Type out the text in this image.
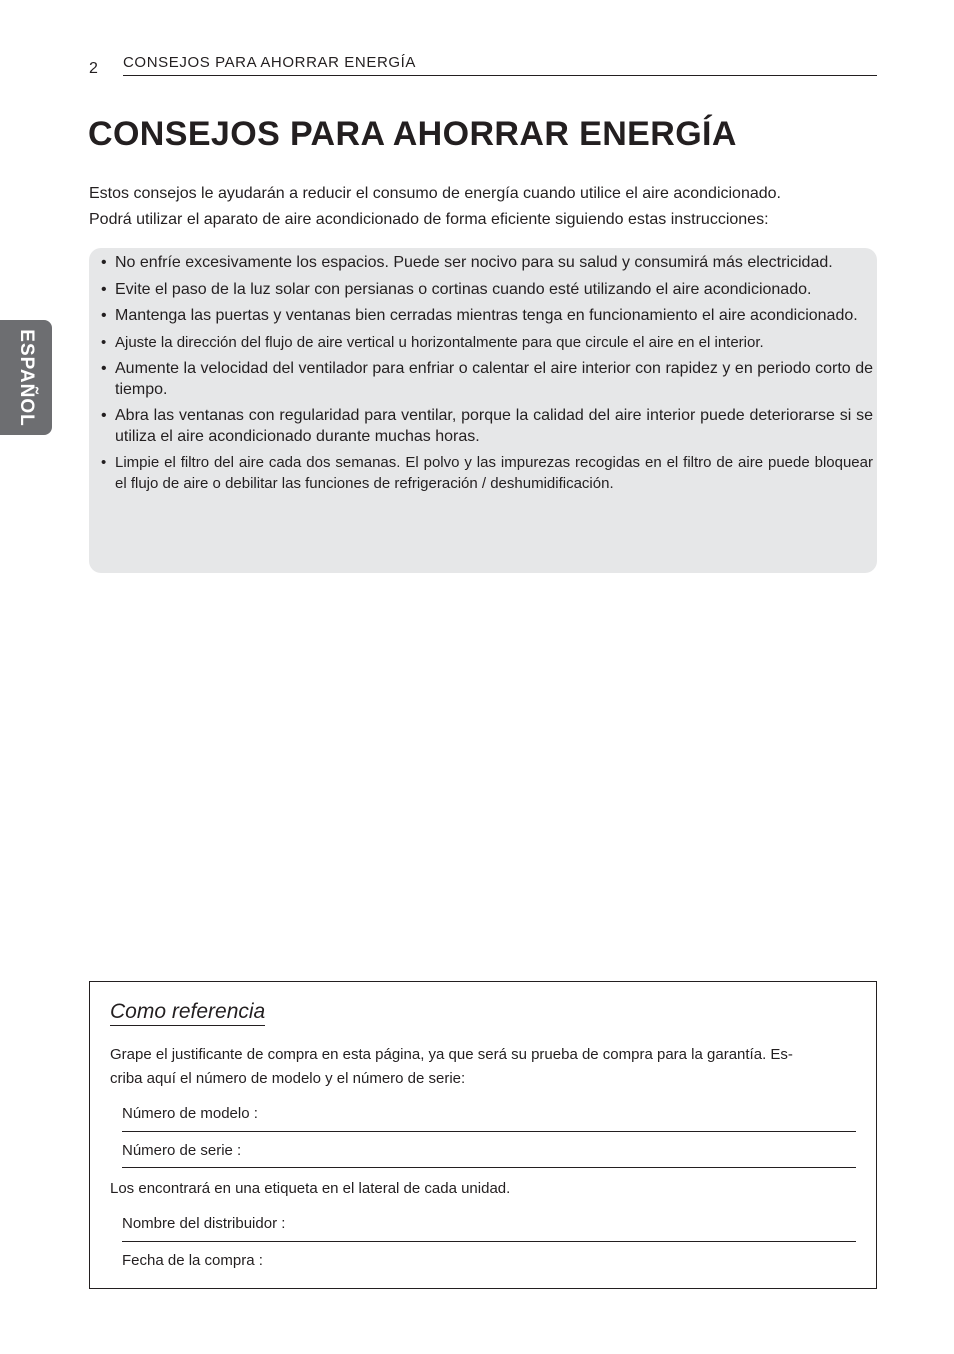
2 CONSEJOS PARA AHORRAR ENERGÍA
ESPAÑOL
CONSEJOS PARA AHORRAR ENERGÍA

Estos consejos le ayudarán a reducir el consumo de energía cuando utilice el aire acondicionado.

Podrá utilizar el aparato de aire acondicionado de forma eficiente siguiendo estas instrucciones:

• No enfríe excesivamente los espacios. Puede ser nocivo para su salud y consumirá más electricidad.
• Evite el paso de la luz solar con persianas o cortinas cuando esté utilizando el aire acondicionado.
• Mantenga las puertas y ventanas bien cerradas mientras tenga en funcionamiento el aire acondicionado.
• Ajuste la dirección del flujo de aire vertical u horizontalmente para que circule el aire en el interior.
• Aumente la velocidad del ventilador para enfriar o calentar el aire interior con rapidez y en periodo corto de tiempo.
• Abra las ventanas con regularidad para ventilar, porque la calidad del aire interior puede deteriorarse si se utiliza el aire acondicionado durante muchas horas.
• Limpie el filtro del aire cada dos semanas. El polvo y las impurezas recogidas en el filtro de aire puede bloquear el flujo de aire o debilitar las funciones de refrigeración / deshumidificación.
Como referencia

Grape el justificante de compra en esta página, ya que será su prueba de compra para la garantía. Es-

criba aquí el número de modelo y el número de serie:

Número de modelo :
Número de serie :
Los encontrará en una etiqueta en el lateral de cada unidad.
Nombre del distribuidor :
Fecha de la compra :
